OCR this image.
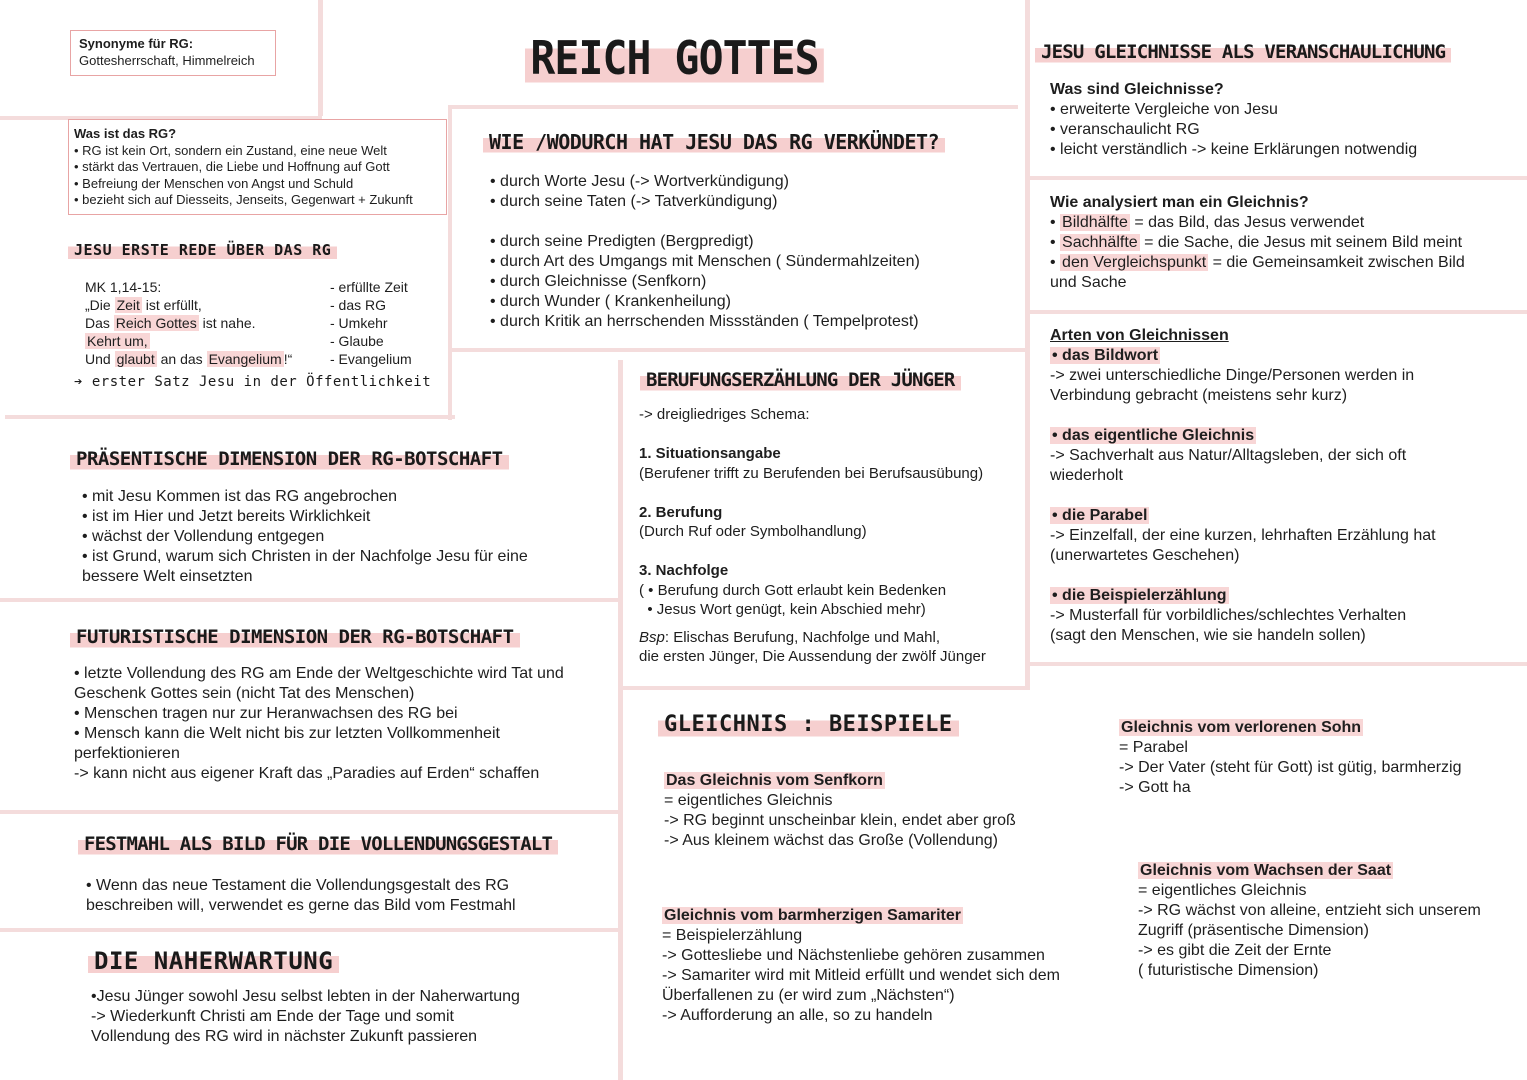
REICH GOTTES
Synonyme für RG:
Gottesherrschaft, Himmelreich
Was ist das RG?
• RG ist kein Ort, sondern ein Zustand, eine neue Welt
• stärkt das Vertrauen, die Liebe und Hoffnung auf Gott
• Befreiung der Menschen von Angst und Schuld
• bezieht sich auf Diesseits, Jenseits, Gegenwart + Zukunft
JESU ERSTE REDE ÜBER DAS RG
MK 1,14-15:
„Die Zeit ist erfüllt,
Das Reich Gottes ist nahe.
Kehrt um,
Und glaubt an das Evangelium !“
- erfüllte Zeit
- das RG
- Umkehr
- Glaube
- Evangelium
➔ erster Satz Jesu in der Öffentlichkeit
WIE /WODURCH HAT JESU DAS RG VERKÜNDET?
• durch Worte Jesu (-> Wortverkündigung)
• durch seine Taten (-> Tatverkündigung)
• durch seine Predigten (Bergpredigt)
• durch Art des Umgangs mit Menschen ( Sündermahlzeiten)
• durch Gleichnisse (Senfkorn)
• durch Wunder ( Krankenheilung)
• durch Kritik an herrschenden Missständen ( Tempelprotest)
JESU GLEICHNISSE ALS VERANSCHAULICHUNG
Was sind Gleichnisse?
• erweiterte Vergleiche von Jesu
• veranschaulicht RG
• leicht verständlich -> keine Erklärungen notwendig
Wie analysiert man ein Gleichnis?
• Bildhälfte = das Bild, das Jesus verwendet
• Sachhälfte = die Sache, die Jesus mit seinem Bild meint
• den Vergleichspunkt = die Gemeinsamkeit zwischen Bild
und Sache
Arten von Gleichnissen
• das Bildwort
-> zwei unterschiedliche Dinge/Personen werden in
Verbindung gebracht (meistens sehr kurz)

• das eigentliche Gleichnis
-> Sachverhalt aus Natur/Alltagsleben, der sich oft
wiederholt

• die Parabel
-> Einzelfall, der eine kurzen, lehrhaften Erzählung hat
(unerwartetes Geschehen)

• die Beispielerzählung
-> Musterfall für vorbildliches/schlechtes Verhalten
(sagt den Menschen, wie sie handeln sollen)
PRÄSENTISCHE DIMENSION DER RG-BOTSCHAFT
• mit Jesu Kommen ist das RG angebrochen
• ist im Hier und Jetzt bereits Wirklichkeit
• wächst der Vollendung entgegen
• ist Grund, warum sich Christen in der Nachfolge Jesu für eine
bessere Welt einsetzten
BERUFUNGSERZÄHLUNG DER JÜNGER
-> dreigliedriges Schema:

1. Situationsangabe
(Berufener trifft zu Berufenden bei Berufsausübung)

2. Berufung
(Durch Ruf oder Symbolhandlung)

3. Nachfolge
( • Berufung durch Gott erlaubt kein Bedenken
• Jesus Wort genügt, kein Abschied mehr)
Bsp: Elischas Berufung, Nachfolge und Mahl,
die ersten Jünger, Die Aussendung der zwölf Jünger
FUTURISTISCHE DIMENSION DER RG-BOTSCHAFT
• letzte Vollendung des RG am Ende der Weltgeschichte wird Tat und
Geschenk Gottes sein (nicht Tat des Menschen)
• Menschen tragen nur zur Heranwachsen des RG bei
• Mensch kann die Welt nicht bis zur letzten Vollkommenheit
perfektionieren
-> kann nicht aus eigener Kraft das „Paradies auf Erden“ schaffen
FESTMAHL ALS BILD FÜR DIE VOLLENDUNGSGESTALT
• Wenn das neue Testament die Vollendungsgestalt des RG
beschreiben will, verwendet es gerne das Bild vom Festmahl
DIE NAHERWARTUNG
•Jesu Jünger sowohl Jesu selbst lebten in der Naherwartung
-> Wiederkunft Christi am Ende der Tage und somit
Vollendung des RG wird in nächster Zukunft passieren
GLEICHNIS : BEISPIELE
Das Gleichnis vom Senfkorn
= eigentliches Gleichnis
-> RG beginnt unscheinbar klein, endet aber groß
-> Aus kleinem wächst das Große (Vollendung)
Gleichnis vom barmherzigen Samariter
= Beispielerzählung
-> Gottesliebe und Nächstenliebe gehören zusammen
-> Samariter wird mit Mitleid erfüllt und wendet sich dem
Überfallenen zu (er wird zum „Nächsten“)
-> Aufforderung an alle, so zu handeln
Gleichnis vom verlorenen Sohn
= Parabel
-> Der Vater (steht für Gott) ist gütig, barmherzig
-> Gott ha
Gleichnis vom Wachsen der Saat
= eigentliches Gleichnis
-> RG wächst von alleine, entzieht sich unserem
Zugriff (präsentische Dimension)
-> es gibt die Zeit der Ernte
( futuristische Dimension)
